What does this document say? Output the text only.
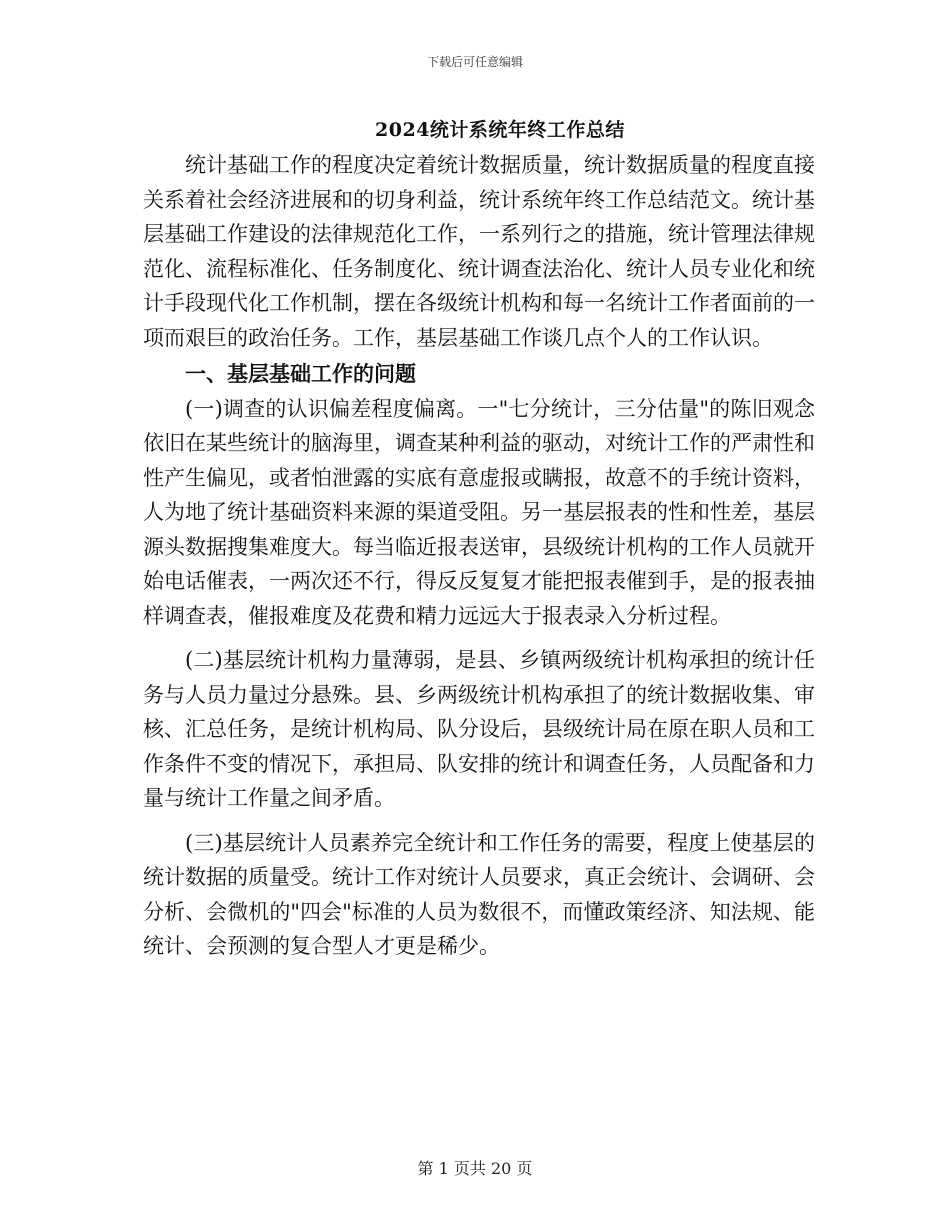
下载后可任意编辑
2024统计系统年终工作总结

统计基础工作的程度决定着统计数据质量，统计数据质量的程度直接关系着社会经济进展和的切身利益，统计系统年终工作总结范文。统计基层基础工作建设的法律规范化工作，一系列行之的措施，统计管理法律规范化、流程标准化、任务制度化、统计调查法治化、统计人员专业化和统计手段现代化工作机制，摆在各级统计机构和每一名统计工作者面前的一项而艰巨的政治任务。工作，基层基础工作谈几点个人的工作认识。

一、基层基础工作的问题

(一)调查的认识偏差程度偏离。一"七分统计，三分估量"的陈旧观念依旧在某些统计的脑海里，调查某种利益的驱动，对统计工作的严肃性和性产生偏见，或者怕泄露的实底有意虚报或瞒报，故意不的手统计资料，人为地了统计基础资料来源的渠道受阻。另一基层报表的性和性差，基层源头数据搜集难度大。每当临近报表送审，县级统计机构的工作人员就开始电话催表，一两次还不行，得反反复复才能把报表催到手，是的报表抽样调查表，催报难度及花费和精力远远大于报表录入分析过程。

(二)基层统计机构力量薄弱，是县、乡镇两级统计机构承担的统计任务与人员力量过分悬殊。县、乡两级统计机构承担了的统计数据收集、审核、汇总任务，是统计机构局、队分设后，县级统计局在原在职人员和工作条件不变的情况下，承担局、队安排的统计和调查任务，人员配备和力量与统计工作量之间矛盾。

(三)基层统计人员素养完全统计和工作任务的需要，程度上使基层的统计数据的质量受。统计工作对统计人员要求，真正会统计、会调研、会分析、会微机的"四会"标准的人员为数很不，而懂政策经济、知法规、能统计、会预测的复合型人才更是稀少。

第 1 页共 20 页
